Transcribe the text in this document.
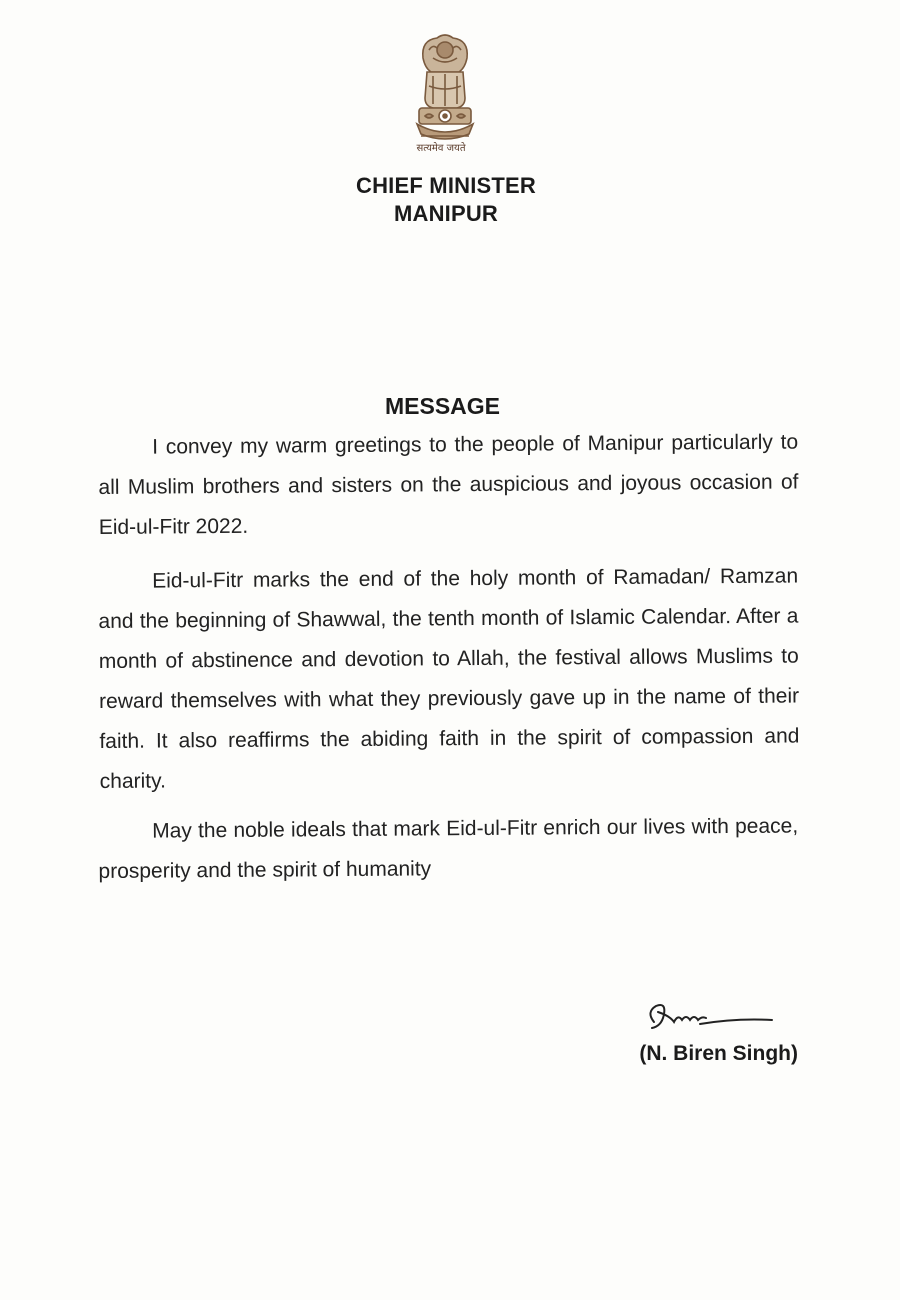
सत्यमेव जयते
CHIEF MINISTER
MANIPUR
MESSAGE

I convey my warm greetings to the people of Manipur particularly to all Muslim brothers and sisters on the auspicious and joyous occasion of Eid-ul-Fitr 2022.

Eid-ul-Fitr marks the end of the holy month of Ramadan/ Ramzan and the beginning of Shawwal, the tenth month of Islamic Calendar. After a month of abstinence and devotion to Allah, the festival allows Muslims to reward themselves with what they previously gave up in the name of their faith. It also reaffirms the abiding faith in the spirit of compassion and charity.

May the noble ideals that mark Eid-ul-Fitr enrich our lives with peace, prosperity and the spirit of humanity

(N. Biren Singh)
